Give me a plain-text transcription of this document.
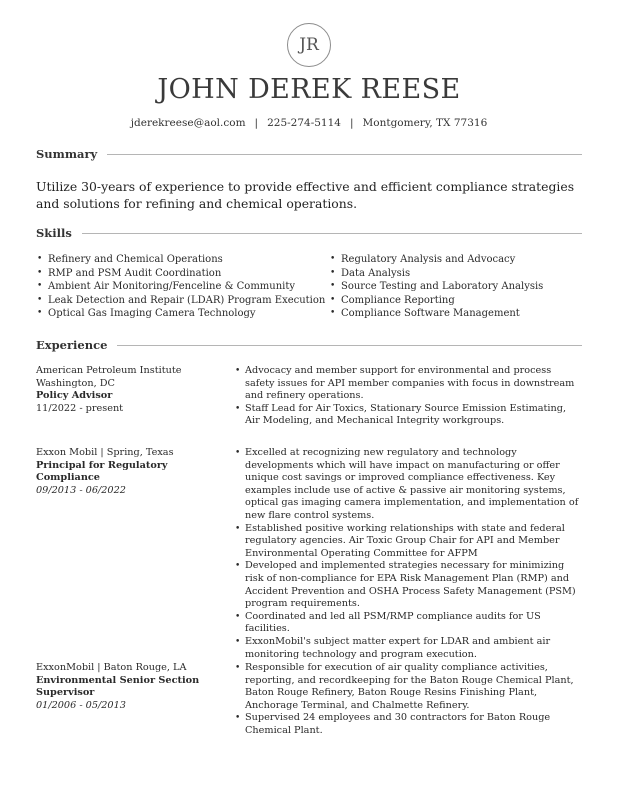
JR
JOHN DEREK REESE
jderekreese@aol.com | 225-274-5114 | Montgomery, TX 77316
Summary
Utilize 30-years of experience to provide effective and efficient compliance strategies and solutions for refining and chemical operations.
Skills
• Refinery and Chemical Operations
• RMP and PSM Audit Coordination
• Ambient Air Monitoring/Fenceline & Community
• Leak Detection and Repair (LDAR) Program Execution
• Optical Gas Imaging Camera Technology
• Regulatory Analysis and Advocacy
• Data Analysis
• Source Testing and Laboratory Analysis
• Compliance Reporting
• Compliance Software Management
Experience
American Petroleum Institute
Washington, DC
Policy Advisor
11/2022 - present
• Advocacy and member support for environmental and process safety issues for API member companies with focus in downstream and refinery operations.
• Staff Lead for Air Toxics, Stationary Source Emission Estimating, Air Modeling, and Mechanical Integrity workgroups.
Exxon Mobil | Spring, Texas
Principal for Regulatory Compliance
09/2013 - 06/2022
• Excelled at recognizing new regulatory and technology developments which will have impact on manufacturing or offer unique cost savings or improved compliance effectiveness. Key examples include use of active & passive air monitoring systems, optical gas imaging camera implementation, and implementation of new flare control systems.
• Established positive working relationships with state and federal regulatory agencies. Air Toxic Group Chair for API and Member Environmental Operating Committee for AFPM
• Developed and implemented strategies necessary for minimizing risk of non-compliance for EPA Risk Management Plan (RMP) and Accident Prevention and OSHA Process Safety Management (PSM) program requirements.
• Coordinated and led all PSM/RMP compliance audits for US facilities.
• ExxonMobil's subject matter expert for LDAR and ambient air monitoring technology and program execution.
ExxonMobil | Baton Rouge, LA
Environmental Senior Section Supervisor
01/2006 - 05/2013
• Responsible for execution of air quality compliance activities, reporting, and recordkeeping for the Baton Rouge Chemical Plant, Baton Rouge Refinery, Baton Rouge Resins Finishing Plant, Anchorage Terminal, and Chalmette Refinery.
• Supervised 24 employees and 30 contractors for Baton Rouge Chemical Plant.
